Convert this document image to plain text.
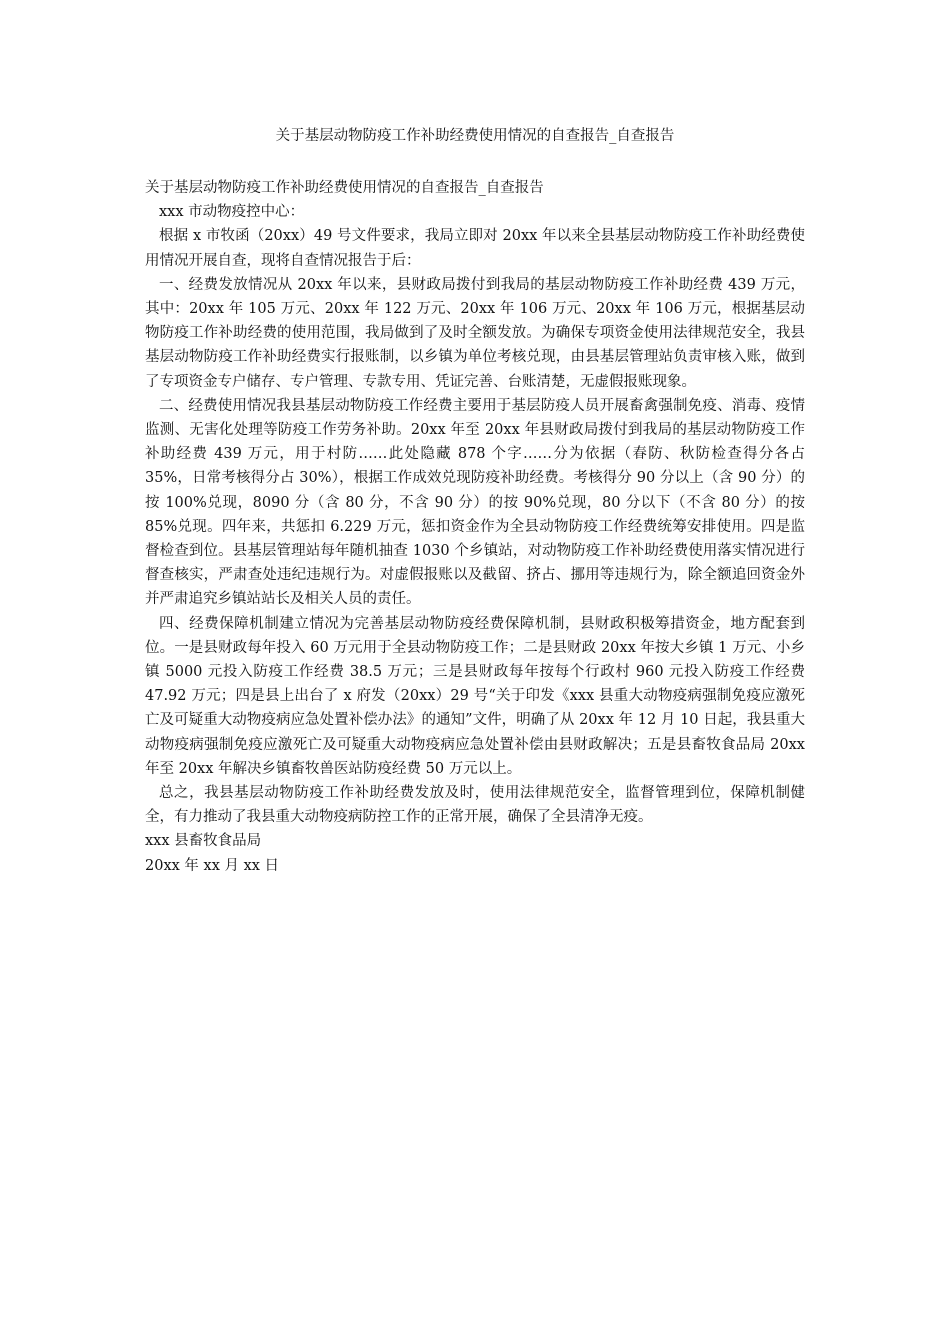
关于基层动物防疫工作补助经费使用情况的自查报告_自查报告

关于基层动物防疫工作补助经费使用情况的自查报告_自查报告

xxx 市动物疫控中心：

根据 x 市牧函（20xx）49 号文件要求，我局立即对 20xx 年以来全县基层动物防疫工作补助经费使用情况开展自查，现将自查情况报告于后：

一、经费发放情况从 20xx 年以来，县财政局拨付到我局的基层动物防疫工作补助经费 439 万元，其中：20xx 年 105 万元、20xx 年 122 万元、20xx 年 106 万元、20xx 年 106 万元，根据基层动物防疫工作补助经费的使用范围，我局做到了及时全额发放。为确保专项资金使用法律规范安全，我县基层动物防疫工作补助经费实行报账制，以乡镇为单位考核兑现，由县基层管理站负责审核入账，做到了专项资金专户储存、专户管理、专款专用、凭证完善、台账清楚，无虚假报账现象。

二、经费使用情况我县基层动物防疫工作经费主要用于基层防疫人员开展畜禽强制免疫、消毒、疫情监测、无害化处理等防疫工作劳务补助。20xx 年至 20xx 年县财政局拨付到我局的基层动物防疫工作补助经费 439 万元，用于村防……此处隐藏 878 个字……分为依据（春防、秋防检查得分各占 35%，日常考核得分占 30%），根据工作成效兑现防疫补助经费。考核得分 90 分以上（含 90 分）的按 100%兑现，8090 分（含 80 分，不含 90 分）的按 90%兑现，80 分以下（不含 80 分）的按 85%兑现。四年来，共惩扣 6.229 万元，惩扣资金作为全县动物防疫工作经费统筹安排使用。四是监督检查到位。县基层管理站每年随机抽查 1030 个乡镇站，对动物防疫工作补助经费使用落实情况进行督查核实，严肃查处违纪违规行为。对虚假报账以及截留、挤占、挪用等违规行为，除全额追回资金外并严肃追究乡镇站站长及相关人员的责任。

四、经费保障机制建立情况为完善基层动物防疫经费保障机制，县财政积极筹措资金，地方配套到位。一是县财政每年投入 60 万元用于全县动物防疫工作；二是县财政 20xx 年按大乡镇 1 万元、小乡镇 5000 元投入防疫工作经费 38.5 万元；三是县财政每年按每个行政村 960 元投入防疫工作经费 47.92 万元；四是县上出台了 x 府发（20xx）29 号“关于印发《xxx 县重大动物疫病强制免疫应激死亡及可疑重大动物疫病应急处置补偿办法》的通知”文件，明确了从 20xx 年 12 月 10 日起，我县重大动物疫病强制免疫应激死亡及可疑重大动物疫病应急处置补偿由县财政解决；五是县畜牧食品局 20xx 年至 20xx 年解决乡镇畜牧兽医站防疫经费 50 万元以上。

总之，我县基层动物防疫工作补助经费发放及时，使用法律规范安全，监督管理到位，保障机制健全，有力推动了我县重大动物疫病防控工作的正常开展，确保了全县清净无疫。

xxx 县畜牧食品局

20xx 年 xx 月 xx 日
